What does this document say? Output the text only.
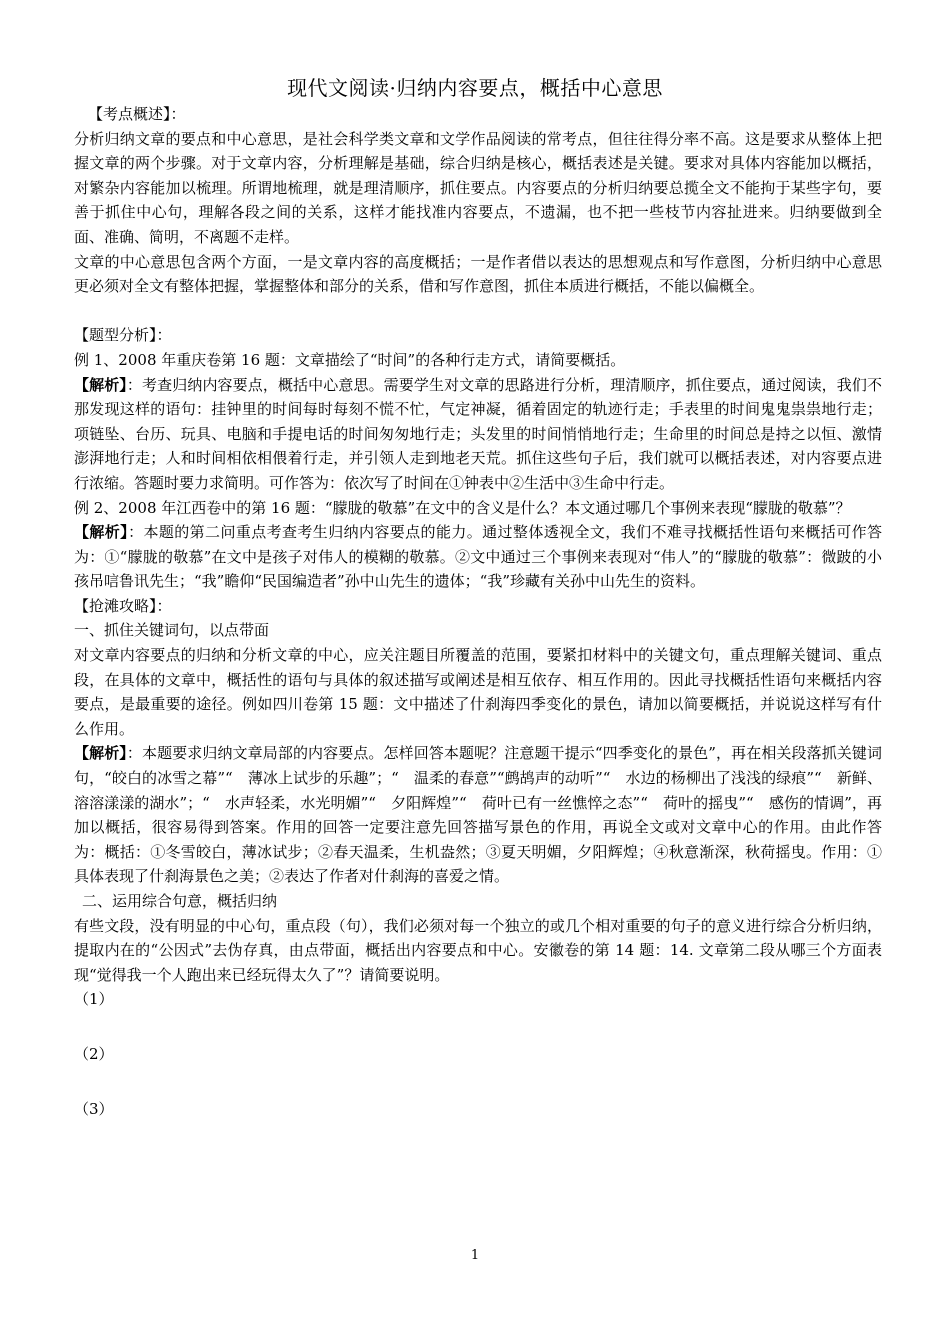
现代文阅读·归纳内容要点，概括中心意思

【考点概述】：

分析归纳文章的要点和中心意思，是社会科学类文章和文学作品阅读的常考点，但往往得分率不高。这是要求从整体上把握文章的两个步骤。对于文章内容，分析理解是基础，综合归纳是核心，概括表述是关键。要求对具体内容能加以概括，对繁杂内容能加以梳理。所谓地梳理，就是理清顺序，抓住要点。内容要点的分析归纳要总揽全文不能拘于某些字句，要善于抓住中心句，理解各段之间的关系，这样才能找准内容要点，不遗漏，也不把一些枝节内容扯进来。归纳要做到全面、准确、简明，不离题不走样。

文章的中心意思包含两个方面，一是文章内容的高度概括；一是作者借以表达的思想观点和写作意图，分析归纳中心意思更必须对全文有整体把握，掌握整体和部分的关系，借和写作意图，抓住本质进行概括，不能以偏概全。

【题型分析】：

例 1、2008 年重庆卷第 16 题：文章描绘了“时间”的各种行走方式，请简要概括。

【解析】：考查归纳内容要点，概括中心意思。需要学生对文章的思路进行分析，理清顺序，抓住要点，通过阅读，我们不那发现这样的语句：挂钟里的时间每时每刻不慌不忙，气定神凝，循着固定的轨迹行走；手表里的时间鬼鬼祟祟地行走；项链坠、台历、玩具、电脑和手提电话的时间匆匆地行走；头发里的时间悄悄地行走；生命里的时间总是持之以恒、激情澎湃地行走；人和时间相依相偎着行走，并引领人走到地老天荒。抓住这些句子后，我们就可以概括表述，对内容要点进行浓缩。答题时要力求简明。可作答为：依次写了时间在①钟表中②生活中③生命中行走。

例 2、2008 年江西卷中的第 16 题：“朦胧的敬慕”在文中的含义是什么？本文通过哪几个事例来表现“朦胧的敬慕”？

【解析】：本题的第二问重点考查考生归纳内容要点的能力。通过整体透视全文，我们不难寻找概括性语句来概括可作答为：①“朦胧的敬慕”在文中是孩子对伟人的模糊的敬慕。②文中通过三个事例来表现对“伟人”的“朦胧的敬慕”：微跛的小孩吊唁鲁讯先生；“我”瞻仰“民国编造者”孙中山先生的遗体；“我”珍藏有关孙中山先生的资料。

【抢滩攻略】：

一、抓住关键词句，以点带面

对文章内容要点的归纳和分析文章的中心，应关注题目所覆盖的范围，要紧扣材料中的关键文句，重点理解关键词、重点段，在具体的文章中，概括性的语句与具体的叙述描写或阐述是相互依存、相互作用的。因此寻找概括性语句来概括内容要点，是最重要的途径。例如四川卷第 15 题：文中描述了什刹海四季变化的景色，请加以简要概括，并说说这样写有什么作用。

【解析】：本题要求归纳文章局部的内容要点。怎样回答本题呢？注意题干提示“四季变化的景色”，再在相关段落抓关键词句，“皎白的冰雪之幕”“　薄冰上试步的乐趣”；“　温柔的春意”“鹧鸪声的动听”“　水边的杨柳出了浅浅的绿痕”“　新鲜、溶溶漾漾的湖水”；“　水声轻柔，水光明媚”“　夕阳辉煌”“　荷叶已有一丝憔悴之态”“　荷叶的摇曳”“　感伤的情调”，再加以概括，很容易得到答案。作用的回答一定要注意先回答描写景色的作用，再说全文或对文章中心的作用。由此作答为：概括：①冬雪皎白，薄冰试步；②春天温柔，生机盎然；③夏天明媚，夕阳辉煌；④秋意渐深，秋荷摇曳。作用：①具体表现了什刹海景色之美；②表达了作者对什刹海的喜爱之情。

二、运用综合句意，概括归纳

有些文段，没有明显的中心句，重点段（句），我们必须对每一个独立的或几个相对重要的句子的意义进行综合分析归纳，提取内在的“公因式”去伪存真，由点带面，概括出内容要点和中心。安徽卷的第 14 题：14. 文章第二段从哪三个方面表现“觉得我一个人跑出来已经玩得太久了”？请简要说明。

（1）

（2）

（3）

1
